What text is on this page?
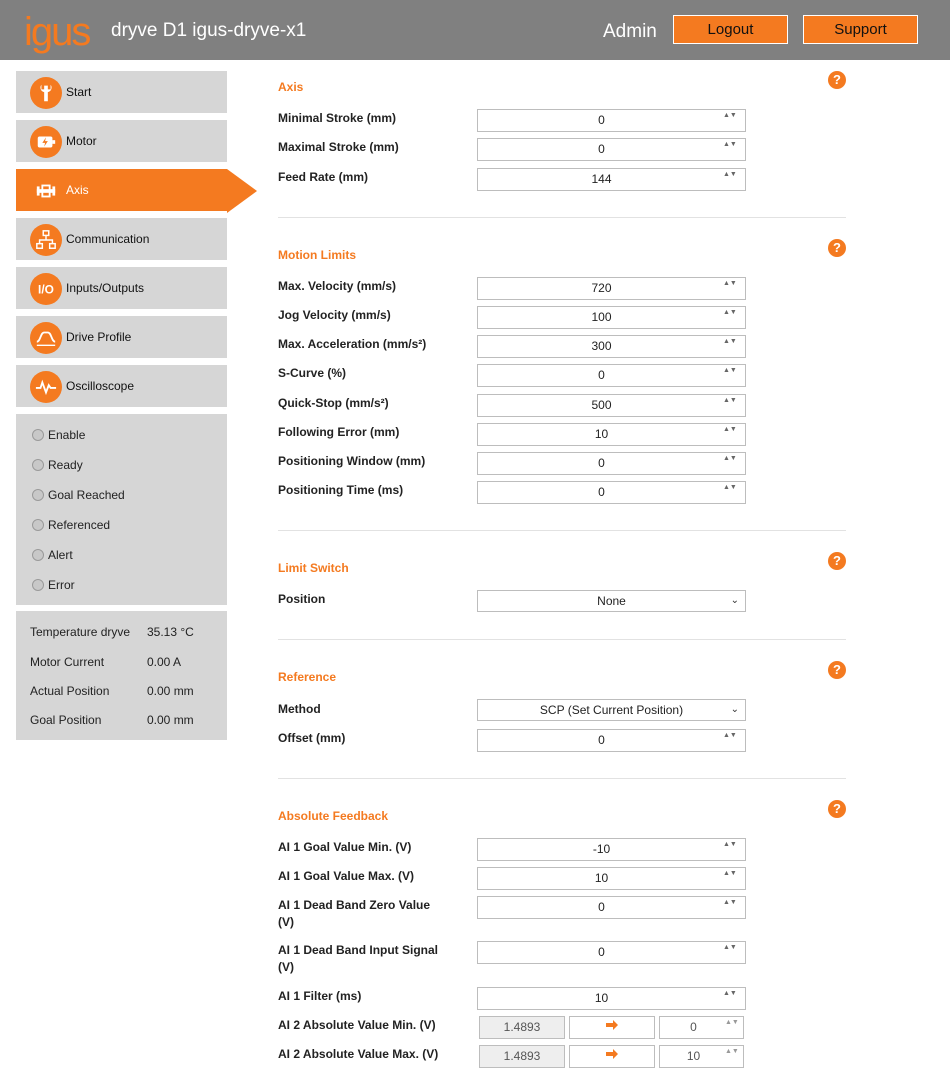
igus dryve D1 igus-dryve-x1	Admin	Logout	Support
Start
Motor
Axis
Communication
I/O Inputs/Outputs
Drive Profile
Oscilloscope
Enable
Ready
Goal Reached
Referenced
Alert
Error
Temperature dryve 35.13 °C
Motor Current	0.00 A
Actual Position	0.00 mm
Goal Position	0.00 mm
Axis	?
Minimal Stroke (mm)	0	▲▼
Maximal Stroke (mm)	0	▲▼
Feed Rate (mm)	144	▲▼
Motion Limits	?
Max. Velocity (mm/s)	720	▲▼
Jog Velocity (mm/s)	100	▲▼
Max. Acceleration (mm/s²)	300	▲▼
S-Curve (%)	0	▲▼
Quick-Stop (mm/s²)	500	▲▼
Following Error (mm)	10	▲▼
Positioning Window (mm)	0	▲▼
Positioning Time (ms)	0	▲▼
Limit Switch	?
Position	None	⌄
Reference	?
Method	SCP (Set Current Position)	⌄
Offset (mm)	0	▲▼
Absolute Feedback	?
AI 1 Goal Value Min. (V)	-10	▲▼
AI 1 Goal Value Max. (V)	10	▲▼
AI 1 Dead Band Zero Value (V)
0	▲▼
AI 1 Dead Band Input Signal (V)
0	▲▼
AI 1 Filter (ms)	10	▲▼
AI 2 Absolute Value Min. (V)	1.4893	0	▲▼
AI 2 Absolute Value Max. (V)	1.4893	10	▲▼
